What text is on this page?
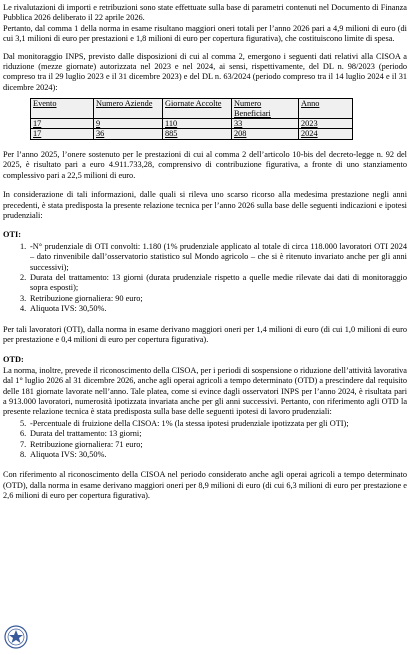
Le rivalutazioni di importi e retribuzioni sono state effettuate sulla base di parametri contenuti nel Documento di Finanza Pubblica 2026 deliberato il 22 aprile 2026.

Pertanto, dal comma 1 della norma in esame risultano maggiori oneri totali per l’anno 2026 pari a 4,9 milioni di euro (di cui 3,1 milioni di euro per prestazioni e 1,8 milioni di euro per copertura figurativa), che costituiscono limite di spesa.

Dal monitoraggio INPS, previsto dalle disposizioni di cui al comma 2, emergono i seguenti dati relativi alla CISOA a riduzione (mezze giornate) autorizzata nel 2023 e nel 2024, ai sensi, rispettivamente, del DL n. 98/2023 (periodo compreso tra il 29 luglio 2023 e il 31 dicembre 2023) e del DL n. 63/2024 (periodo compreso tra il 14 luglio 2024 e il 31 dicembre 2024):

Evento	Numero Aziende	Giornate Accolte	Numero Beneficiari	Anno
17	9	110	33	2023
17	36	885	208	2024

Per l’anno 2025, l’onere sostenuto per le prestazioni di cui al comma 2 dell’articolo 10-bis del decreto-legge n. 92 del 2025, è risultato pari a euro 4.911.733,28, comprensivo di contribuzione figurativa, a fronte di uno stanziamento complessivo pari a 22,5 milioni di euro.

In considerazione di tali informazioni, dalle quali si rileva uno scarso ricorso alla medesima prestazione negli anni precedenti, è stata predisposta la presente relazione tecnica per l’anno 2026 sulla base delle seguenti indicazioni e ipotesi prudenziali:

OTI:
1. -N° prudenziale di OTI convolti: 1.180 (1% prudenziale applicato al totale di circa 118.000 lavoratori OTI 2024 – dato rinvenibile dall’osservatorio statistico sul Mondo agricolo – che si è ritenuto invariato anche per gli anni successivi);
2. Durata del trattamento: 13 giorni (durata prudenziale rispetto a quelle medie rilevate dai dati di monitoraggio sopra esposti);
3. Retribuzione giornaliera: 90 euro;
4. Aliquota IVS: 30,50%.

Per tali lavoratori (OTI), dalla norma in esame derivano maggiori oneri per 1,4 milioni di euro (di cui 1,0 milioni di euro per prestazione e 0,4 milioni di euro per copertura figurativa).

OTD:

La norma, inoltre, prevede il riconoscimento della CISOA, per i periodi di sospensione o riduzione dell’attività lavorativa dal 1° luglio 2026 al 31 dicembre 2026, anche agli operai agricoli a tempo determinato (OTD) a prescindere dal requisito delle 181 giornate lavorate nell’anno. Tale platea, come si evince dagli osservatori INPS per l’anno 2024, è risultata pari a 913.000 lavoratori, numerosità ipotizzata invariata anche per gli anni successivi. Pertanto, con riferimento agli OTD la presente relazione tecnica è stata predisposta sulla base delle seguenti ipotesi di lavoro prudenziali:

5. -Percentuale di fruizione della CISOA: 1% (la stessa ipotesi prudenziale ipotizzata per gli OTI);
6. Durata del trattamento: 13 giorni;
7. Retribuzione giornaliera: 71 euro;
8. Aliquota IVS: 30,50%.

Con riferimento al riconoscimento della CISOA nel periodo considerato anche agli operai agricoli a tempo determinato (OTD), dalla norma in esame derivano maggiori oneri per 8,9 milioni di euro (di cui 6,3 milioni di euro per prestazione e 2,6 milioni di euro per copertura figurativa).
